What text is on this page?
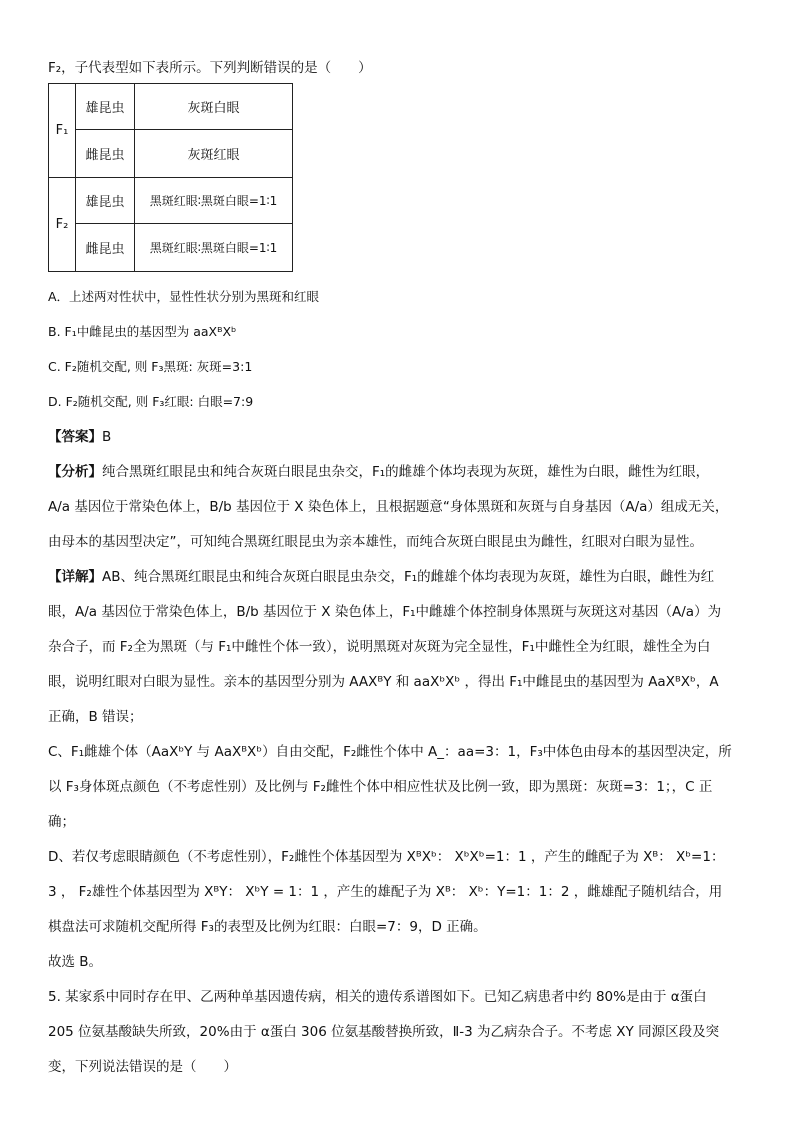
F₂，子代表型如下表所示。下列判断错误的是（　　）
F₁	雄昆虫	灰斑白眼
	雌昆虫	灰斑红眼
F₂	雄昆虫	黑斑红眼∶黑斑白眼=1∶1
	雌昆虫	黑斑红眼∶黑斑白眼=1∶1
A．上述两对性状中，显性性状分别为黑斑和红眼
B. F₁中雌昆虫的基因型为 aaXᴮXᵇ
C. F₂随机交配, 则 F₃黑斑: 灰斑=3:1
D. F₂随机交配, 则 F₃红眼: 白眼=7:9
【答案】B
【分析】纯合黑斑红眼昆虫和纯合灰斑白眼昆虫杂交，F₁的雌雄个体均表现为灰斑，雄性为白眼，雌性为红眼，
A/a 基因位于常染色体上，B/b 基因位于 X 染色体上，且根据题意“身体黑斑和灰斑与自身基因（A/a）组成无关，
由母本的基因型决定”，可知纯合黑斑红眼昆虫为亲本雄性，而纯合灰斑白眼昆虫为雌性，红眼对白眼为显性。
【详解】AB、纯合黑斑红眼昆虫和纯合灰斑白眼昆虫杂交，F₁的雌雄个体均表现为灰斑，雄性为白眼，雌性为红
眼，A/a 基因位于常染色体上，B/b 基因位于 X 染色体上，F₁中雌雄个体控制身体黑斑与灰斑这对基因（A/a）为
杂合子，而 F₂全为黑斑（与 F₁中雌性个体一致），说明黑斑对灰斑为完全显性，F₁中雌性全为红眼，雄性全为白
眼，说明红眼对白眼为显性。亲本的基因型分别为 AAXᴮY 和 aaXᵇXᵇ ，得出 F₁中雌昆虫的基因型为 AaXᴮXᵇ，A
正确，B 错误；
C、F₁雌雄个体（AaXᵇY 与 AaXᴮXᵇ）自由交配，F₂雌性个体中 A_：aa=3：1，F₃中体色由母本的基因型决定，所
以 F₃身体斑点颜色（不考虑性别）及比例与 F₂雌性个体中相应性状及比例一致，即为黑斑：灰斑=3：1；，C 正
确；
D、若仅考虑眼睛颜色（不考虑性别），F₂雌性个体基因型为 XᴮXᵇ： XᵇXᵇ=1：1 ，产生的雌配子为 Xᴮ： Xᵇ=1：
3 ， F₂雄性个体基因型为 XᴮY： XᵇY = 1：1 ，产生的雄配子为 Xᴮ： Xᵇ：Y=1：1：2 ，雌雄配子随机结合，用
棋盘法可求随机交配所得 F₃的表型及比例为红眼：白眼=7：9，D 正确。
故选 B。
5. 某家系中同时存在甲、乙两种单基因遗传病，相关的遗传系谱图如下。已知乙病患者中约 80%是由于 α蛋白
205 位氨基酸缺失所致，20%由于 α蛋白 306 位氨基酸替换所致，Ⅱ-3 为乙病杂合子。不考虑 XY 同源区段及突
变，下列说法错误的是（　　）
